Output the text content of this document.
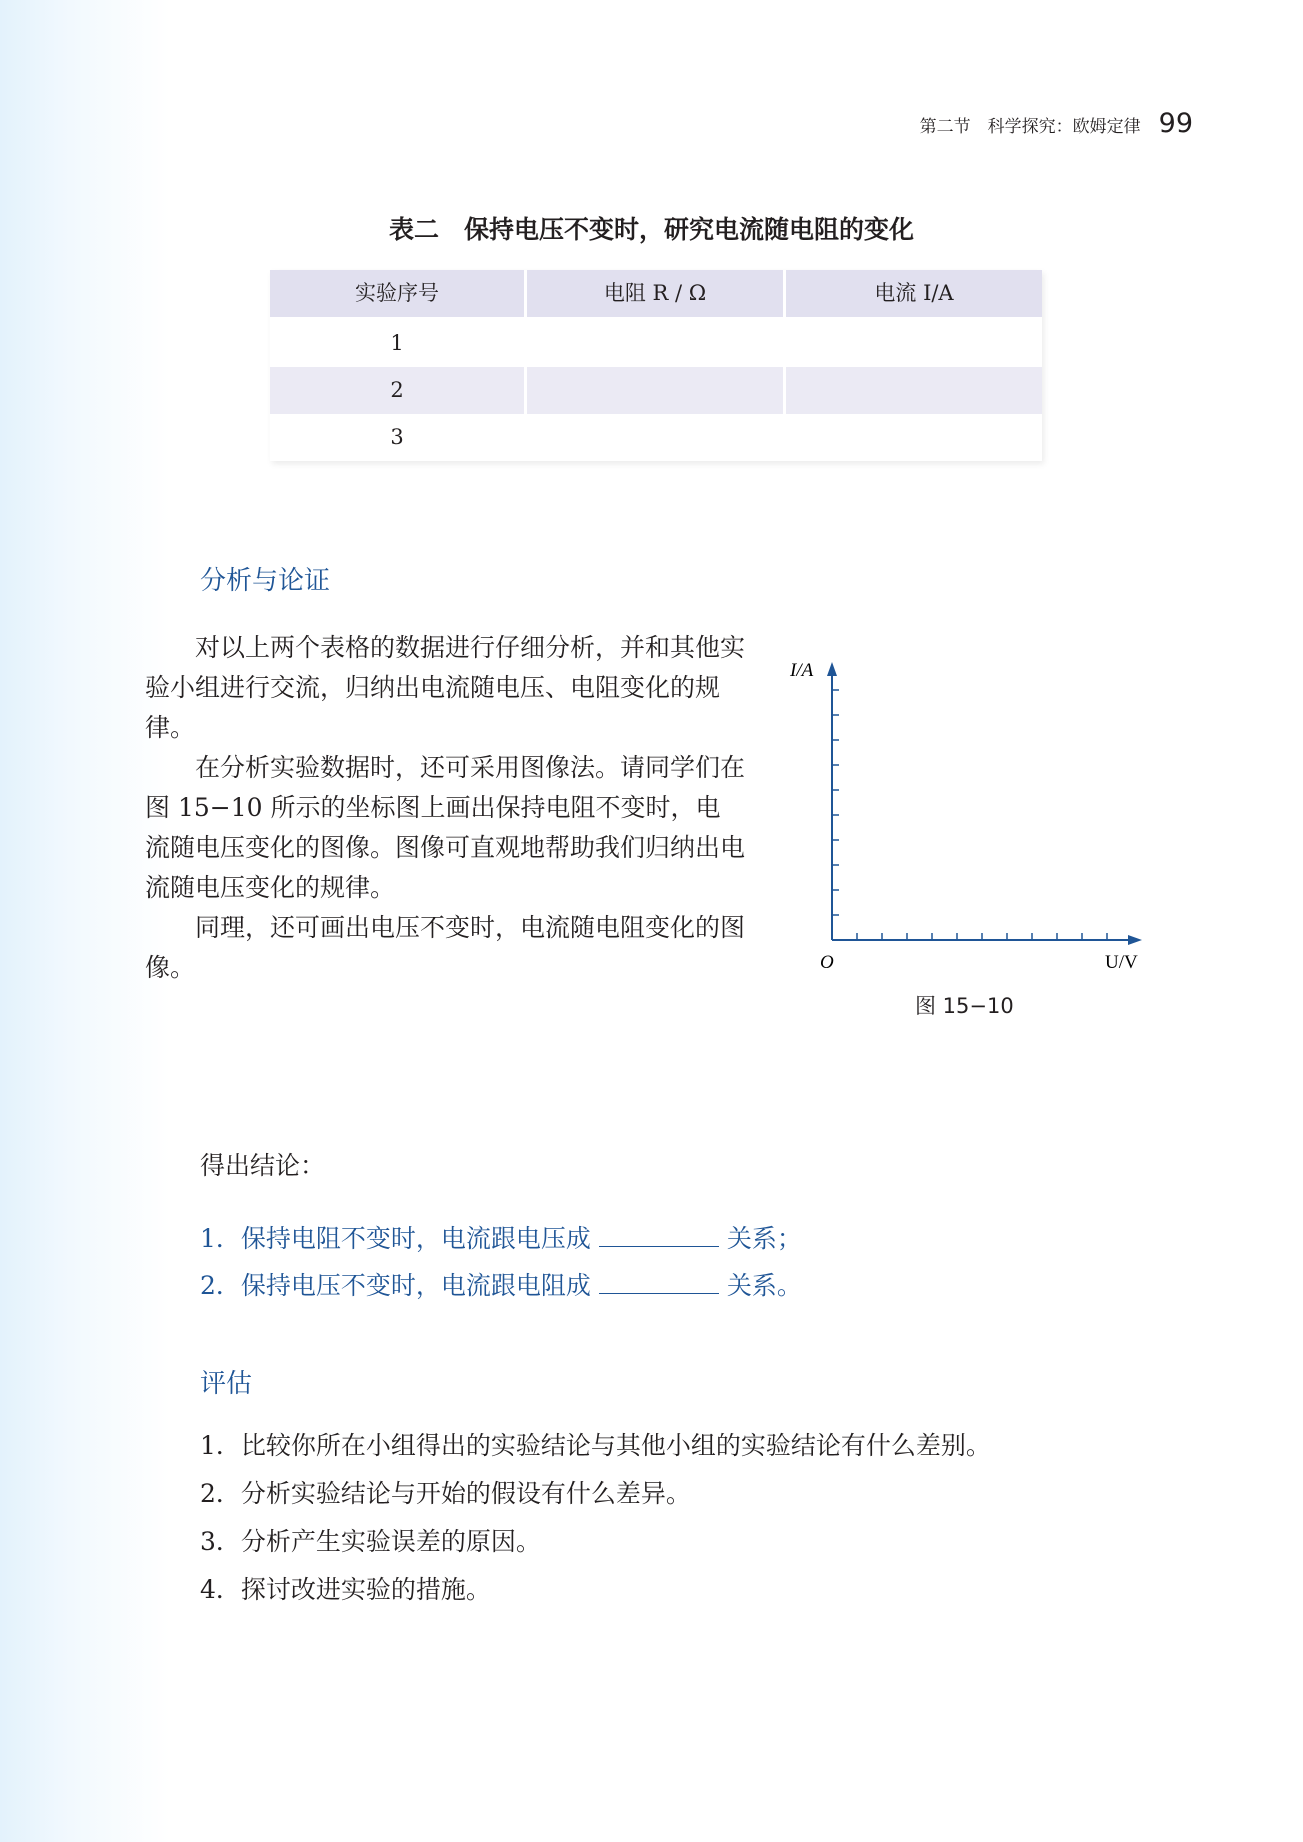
第二节　科学探究：欧姆定律 99
表二　保持电压不变时，研究电流随电阻的变化
实验序号	电阻 R / Ω	电流 I/A
1
2
3
分析与论证

对以上两个表格的数据进行仔细分析，并和其他实验小组进行交流，归纳出电流随电压、电阻变化的规律。

在分析实验数据时，还可采用图像法。请同学们在图 15−10 所示的坐标图上画出保持电阻不变时，电流随电压变化的图像。图像可直观地帮助我们归纳出电流随电压变化的规律。

同理，还可画出电压不变时，电流随电阻变化的图像。

I/A
O	U/V
图 15−10
得出结论：
1．保持电阻不变时，电流跟电压成	关系；
2．保持电压不变时，电流跟电阻成	关系。
评估
1．比较你所在小组得出的实验结论与其他小组的实验结论有什么差别。
2．分析实验结论与开始的假设有什么差异。
3．分析产生实验误差的原因。
4．探讨改进实验的措施。
